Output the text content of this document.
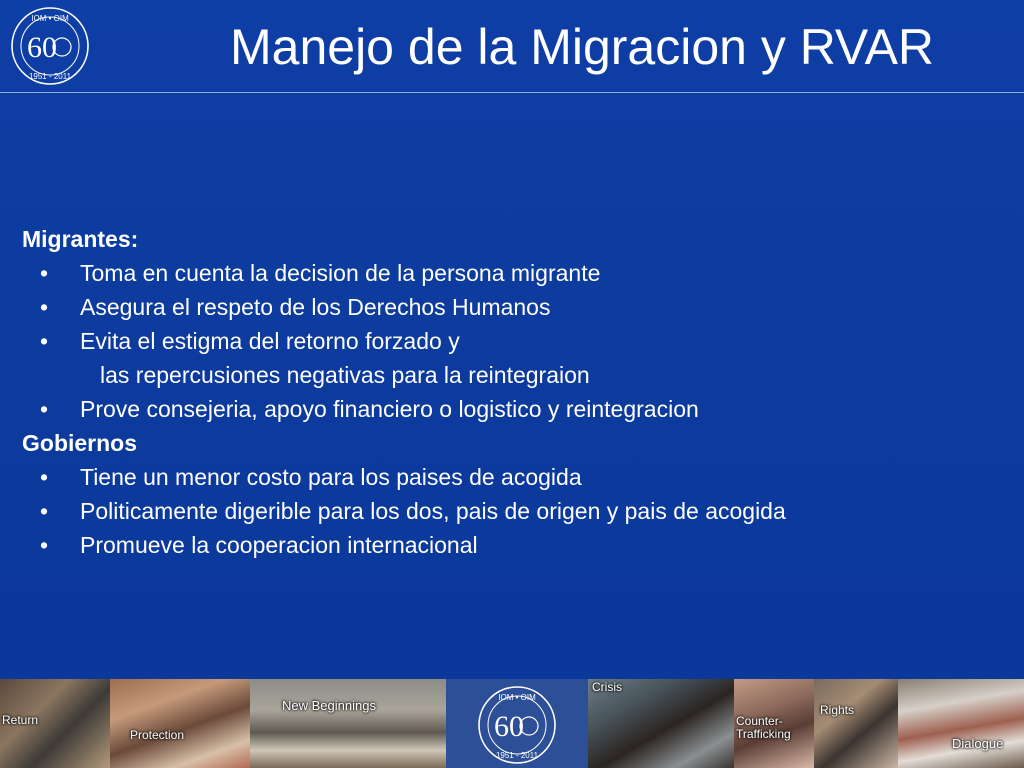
IOM • OIM
60
1951 - 2011
Manejo de la Migracion y RVAR
Migrantes:
• Toma en cuenta la decision de la persona migrante
• Asegura el respeto de los Derechos Humanos
• Evita el estigma del retorno forzado y
las repercusiones negativas para la reintegraion
• Prove consejeria, apoyo financiero o logistico y reintegracion
Gobiernos
• Tiene un menor costo para los paises de acogida
• Politicamente digerible para los dos, pais de origen y pais de acogida
• Promueve la cooperacion internacional
Return
Protection
New Beginnings
IOM • OIM
60
1951 - 2011
Crisis
Counter-
Trafficking
Rights
Dialogue
